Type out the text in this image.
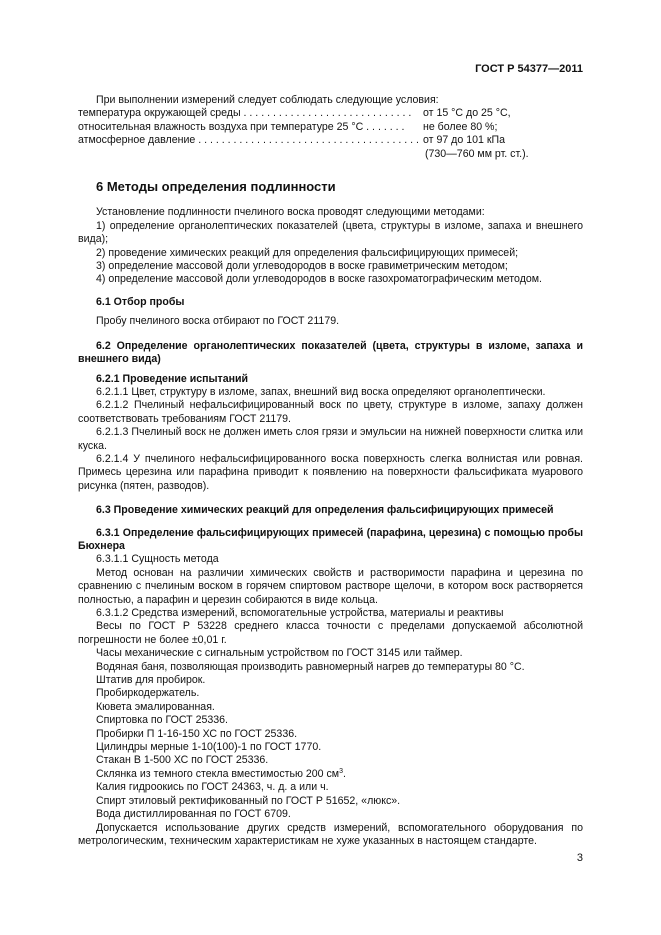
ГОСТ Р 54377—2011

При выполнении измерений следует соблюдать следующие условия:

температура окружающей среды . . . . . . . . . . . . . . . . . . . . . . . . . . . . .	от 15 °С до 25 °С,
относительная влажность воздуха при температуре 25 °С . . . . . . .	не более 80 %;
атмосферное давление . . . . . . . . . . . . . . . . . . . . . . . . . . . . . . . . . . . . . . от 97 до 101 кПа

(730—760 мм рт. ст.).

6 Методы определения подлинности

Установление подлинности пчелиного воска проводят следующими методами:

1) определение органолептических показателей (цвета, структуры в изломе, запаха и внешнего вида);

2) проведение химических реакций для определения фальсифицирующих примесей;

3) определение массовой доли углеводородов в воске гравиметрическим методом;

4) определение массовой доли углеводородов в воске газохроматографическим методом.

6.1 Отбор пробы

Пробу пчелиного воска отбирают по ГОСТ 21179.

6.2 Определение органолептических показателей (цвета, структуры в изломе, запаха и внешнего вида)

6.2.1 Проведение испытаний

6.2.1.1 Цвет, структуру в изломе, запах, внешний вид воска определяют органолептически.

6.2.1.2 Пчелиный нефальсифицированный воск по цвету, структуре в изломе, запаху должен соответствовать требованиям ГОСТ 21179.

6.2.1.3 Пчелиный воск не должен иметь слоя грязи и эмульсии на нижней поверхности слитка или куска.

6.2.1.4 У пчелиного нефальсифицированного воска поверхность слегка волнистая или ровная. Примесь церезина или парафина приводит к появлению на поверхности фальсификата муарового рисунка (пятен, разводов).

6.3 Проведение химических реакций для определения фальсифицирующих примесей

6.3.1 Определение фальсифицирующих примесей (парафина, церезина) с помощью пробы Бюхнера

6.3.1.1 Сущность метода

Метод основан на различии химических свойств и растворимости парафина и церезина по сравнению с пчелиным воском в горячем спиртовом растворе щелочи, в котором воск растворяется полностью, а парафин и церезин собираются в виде кольца.

6.3.1.2 Средства измерений, вспомогательные устройства, материалы и реактивы

Весы по ГОСТ Р 53228 среднего класса точности с пределами допускаемой абсолютной погрешности не более ±0,01 г.

Часы механические с сигнальным устройством по ГОСТ 3145 или таймер.

Водяная баня, позволяющая производить равномерный нагрев до температуры 80 °С.

Штатив для пробирок.

Пробиркодержатель.

Кювета эмалированная.

Спиртовка по ГОСТ 25336.

Пробирки П 1-16-150 ХС по ГОСТ 25336.

Цилиндры мерные 1-10(100)-1 по ГОСТ 1770.

Стакан В 1-500 ХС по ГОСТ 25336.

Склянка из темного стекла вместимостью 200 $см^3$.

Калия гидроокись по ГОСТ 24363, ч. д. а или ч.

Спирт этиловый ректификованный по ГОСТ Р 51652, «люкс».

Вода дистиллированная по ГОСТ 6709.

Допускается использование других средств измерений, вспомогательного оборудования по метрологическим, техническим характеристикам не хуже указанных в настоящем стандарте.

3
